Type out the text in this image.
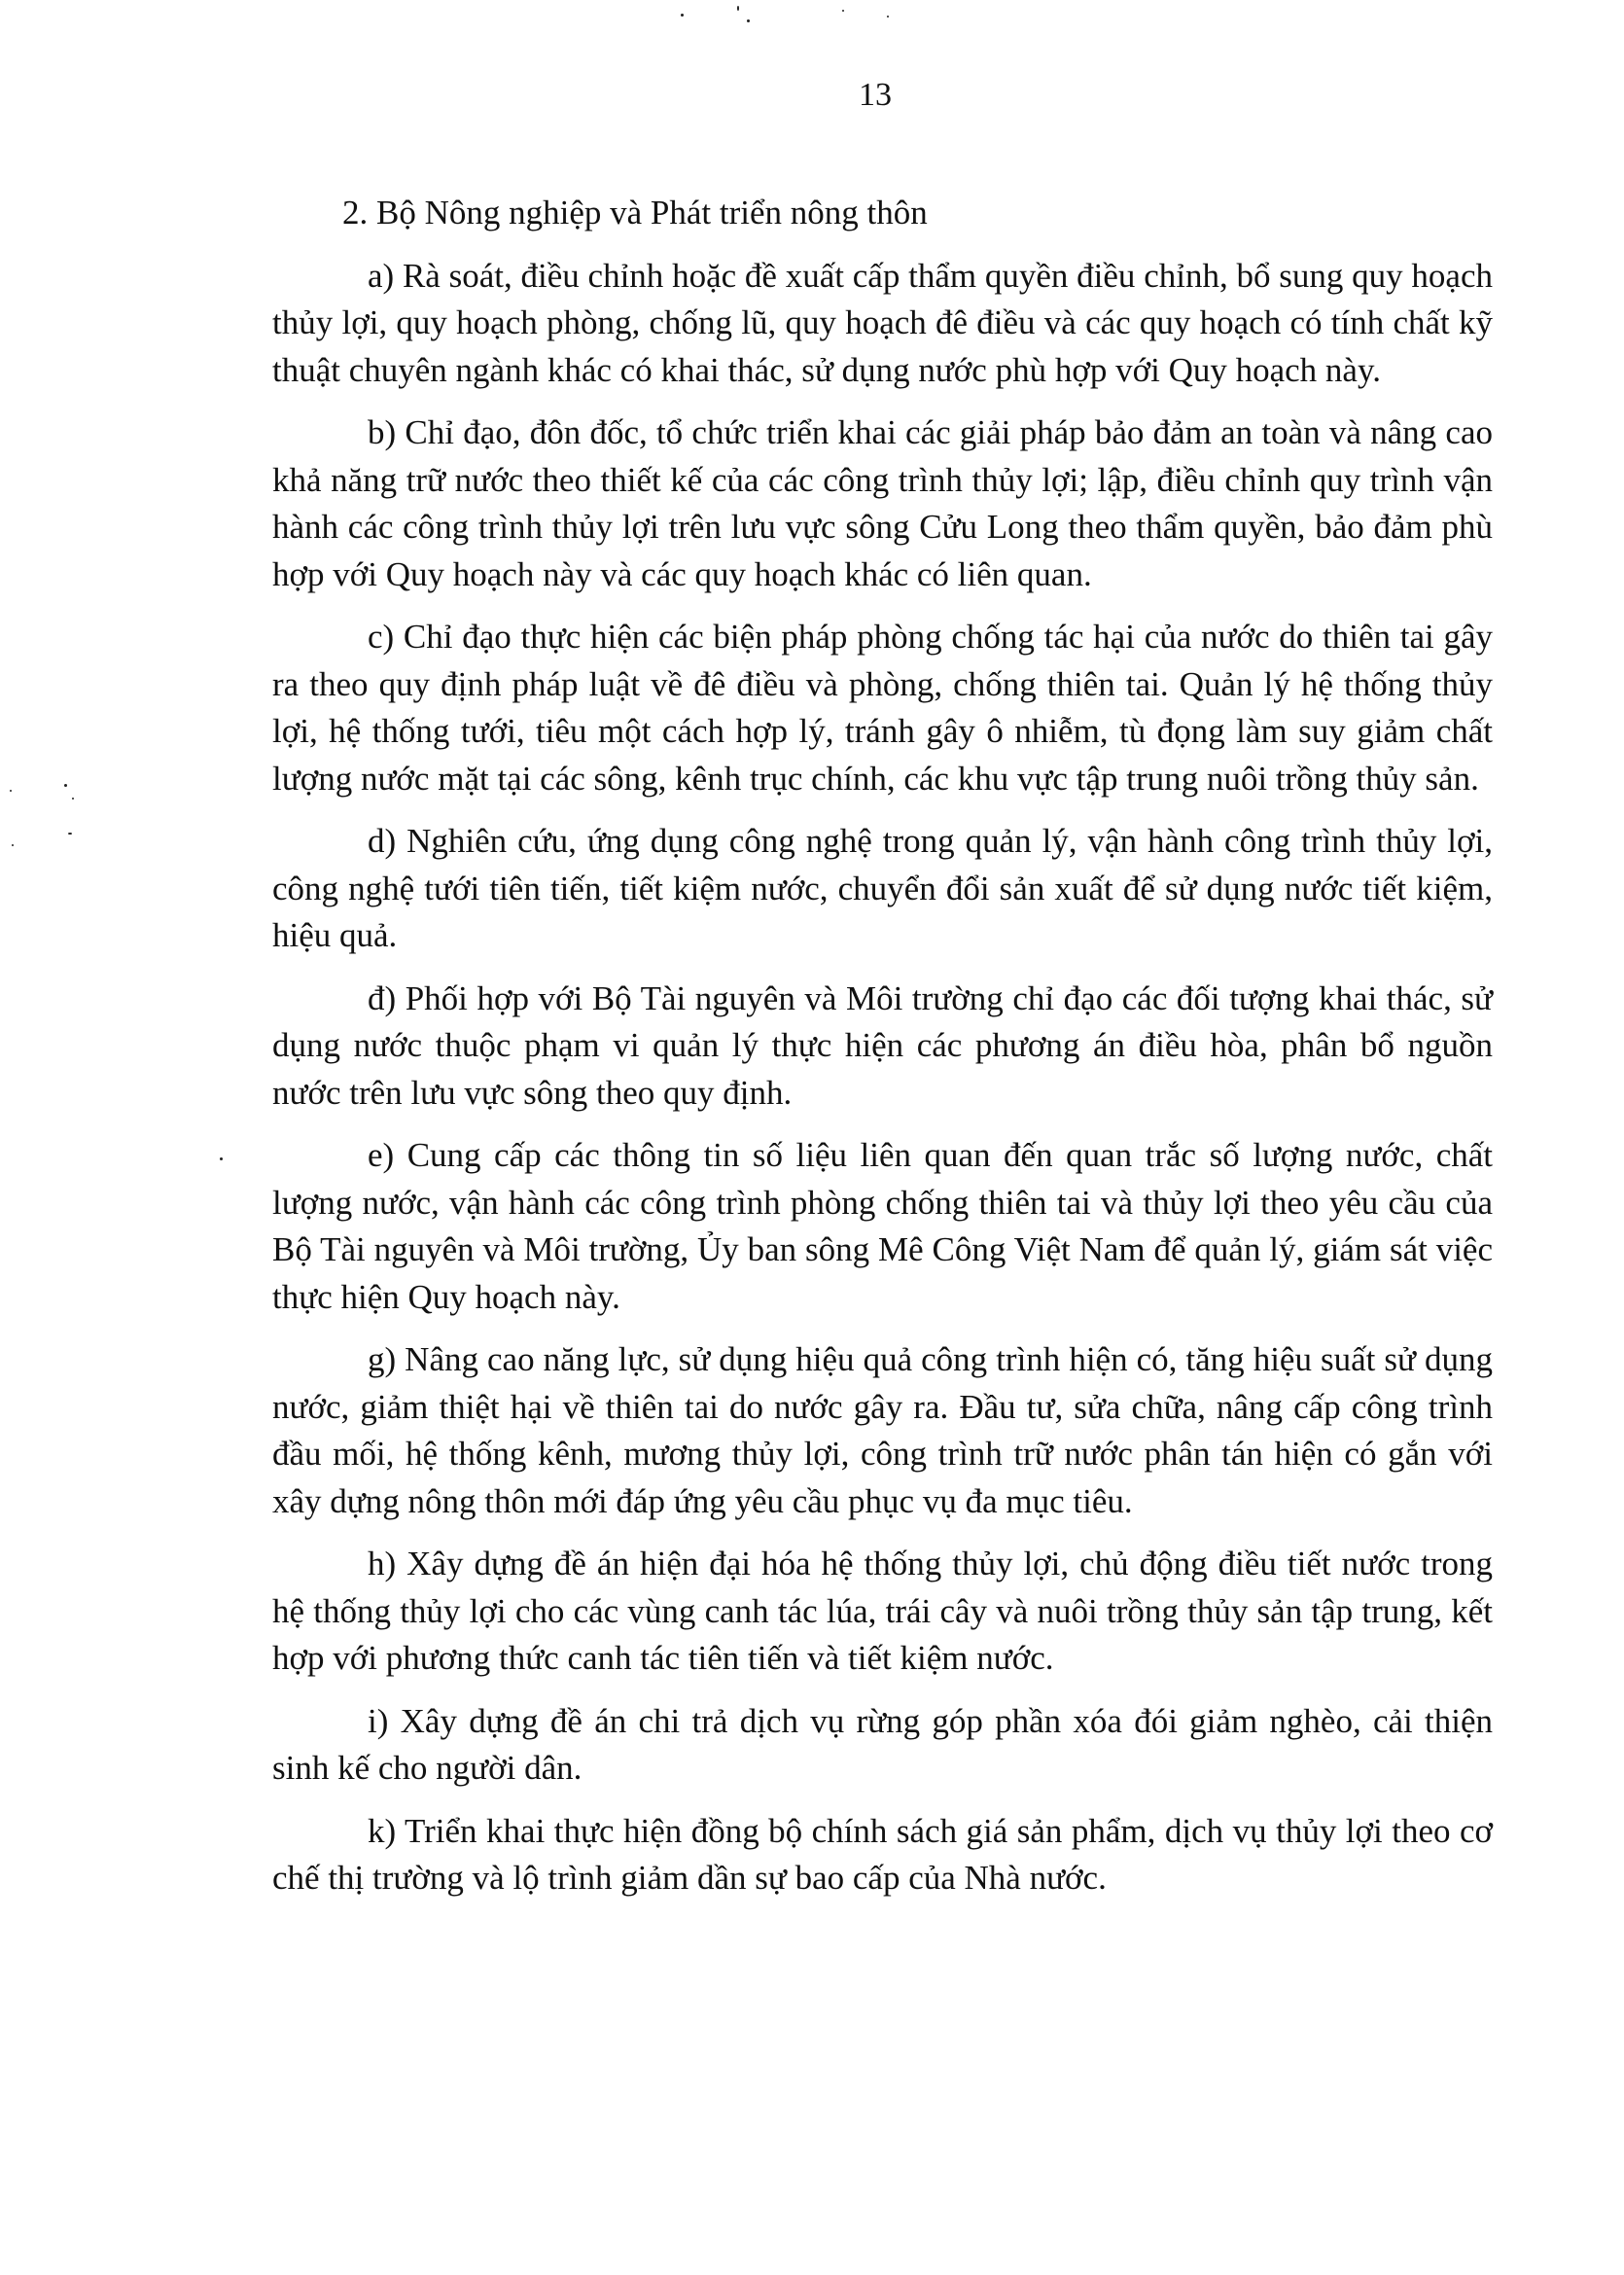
13

2. Bộ Nông nghiệp và Phát triển nông thôn

a) Rà soát, điều chỉnh hoặc đề xuất cấp thẩm quyền điều chỉnh, bổ sung quy hoạch thủy lợi, quy hoạch phòng, chống lũ, quy hoạch đê điều và các quy hoạch có tính chất kỹ thuật chuyên ngành khác có khai thác, sử dụng nước phù hợp với Quy hoạch này.

b) Chỉ đạo, đôn đốc, tổ chức triển khai các giải pháp bảo đảm an toàn và nâng cao khả năng trữ nước theo thiết kế của các công trình thủy lợi; lập, điều chỉnh quy trình vận hành các công trình thủy lợi trên lưu vực sông Cửu Long theo thẩm quyền, bảo đảm phù hợp với Quy hoạch này và các quy hoạch khác có liên quan.

c) Chỉ đạo thực hiện các biện pháp phòng chống tác hại của nước do thiên tai gây ra theo quy định pháp luật về đê điều và phòng, chống thiên tai. Quản lý hệ thống thủy lợi, hệ thống tưới, tiêu một cách hợp lý, tránh gây ô nhiễm, tù đọng làm suy giảm chất lượng nước mặt tại các sông, kênh trục chính, các khu vực tập trung nuôi trồng thủy sản.

d) Nghiên cứu, ứng dụng công nghệ trong quản lý, vận hành công trình thủy lợi, công nghệ tưới tiên tiến, tiết kiệm nước, chuyển đổi sản xuất để sử dụng nước tiết kiệm, hiệu quả.

đ) Phối hợp với Bộ Tài nguyên và Môi trường chỉ đạo các đối tượng khai thác, sử dụng nước thuộc phạm vi quản lý thực hiện các phương án điều hòa, phân bổ nguồn nước trên lưu vực sông theo quy định.

e) Cung cấp các thông tin số liệu liên quan đến quan trắc số lượng nước, chất lượng nước, vận hành các công trình phòng chống thiên tai và thủy lợi theo yêu cầu của Bộ Tài nguyên và Môi trường, Ủy ban sông Mê Công Việt Nam để quản lý, giám sát việc thực hiện Quy hoạch này.

g) Nâng cao năng lực, sử dụng hiệu quả công trình hiện có, tăng hiệu suất sử dụng nước, giảm thiệt hại về thiên tai do nước gây ra. Đầu tư, sửa chữa, nâng cấp công trình đầu mối, hệ thống kênh, mương thủy lợi, công trình trữ nước phân tán hiện có gắn với xây dựng nông thôn mới đáp ứng yêu cầu phục vụ đa mục tiêu.

h) Xây dựng đề án hiện đại hóa hệ thống thủy lợi, chủ động điều tiết nước trong hệ thống thủy lợi cho các vùng canh tác lúa, trái cây và nuôi trồng thủy sản tập trung, kết hợp với phương thức canh tác tiên tiến và tiết kiệm nước.

i) Xây dựng đề án chi trả dịch vụ rừng góp phần xóa đói giảm nghèo, cải thiện sinh kế cho người dân.

k) Triển khai thực hiện đồng bộ chính sách giá sản phẩm, dịch vụ thủy lợi theo cơ chế thị trường và lộ trình giảm dần sự bao cấp của Nhà nước.
